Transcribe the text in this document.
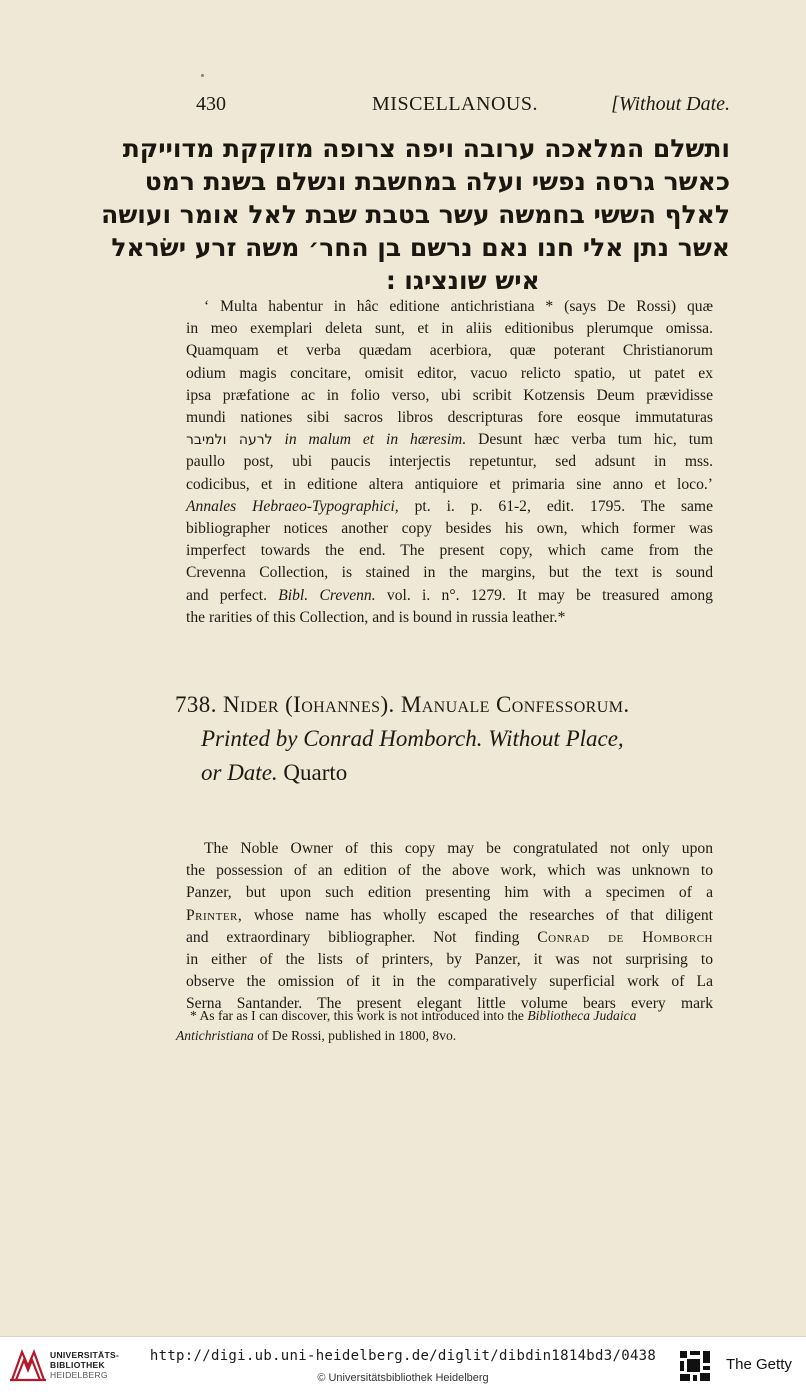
430	MISCELLANOUS.	[Without Date.
ותשלם המלאכה ערובה ויפה צרופה מזוקקת מדוייקת
כאשר גרסה נפשי ועלה במחשבת ונשלם בשנת רמט
לאלף הששי בחמשה עשר בטבת שבת לאל אומר ועושה
אשר נתן אלי חנו נאם נרשם בן החר׳ משה זרע ישׂראל
איש שונציגו ׃
‘ Multa habentur in hâc editione antichristiana * (says De Rossi) quæ
in meo exemplari deleta sunt, et in aliis editionibus plerumque omissa.
Quamquam et verba quædam acerbiora, quæ poterant Christianorum
odium magis concitare, omisit editor, vacuo relicto spatio, ut patet ex
ipsa præfatione ac in folio verso, ubi scribit Kotzensis Deum prævidisse
mundi nationes sibi sacros libros descripturas fore eosque immutaturas
לרעה ולמיבר in malum et in hæresim. Desunt hæc verba tum hic, tum
paullo post, ubi paucis interjectis repetuntur, sed adsunt in mss.
codicibus, et in editione altera antiquiore et primaria sine anno et loco.’
Annales Hebraeo-Typographici, pt. i. p. 61-2, edit. 1795. The same
bibliographer notices another copy besides his own, which former was
imperfect towards the end. The present copy, which came from the
Crevenna Collection, is stained in the margins, but the text is sound
and perfect. Bibl. Crevenn. vol. i. n°. 1279. It may be treasured among
the rarities of this Collection, and is bound in russia leather.*
738. Nider (Iohannes). Manuale Confessorum.
Printed by Conrad Homborch. Without Place,
or Date. Quarto
The Noble Owner of this copy may be congratulated not only upon
the possession of an edition of the above work, which was unknown to
Panzer, but upon such edition presenting him with a specimen of a
Printer, whose name has wholly escaped the researches of that diligent
and extraordinary bibliographer. Not finding Conrad de Homborch
in either of the lists of printers, by Panzer, it was not surprising to
observe the omission of it in the comparatively superficial work of La
Serna Santander. The present elegant little volume bears every mark
* As far as I can discover, this work is not introduced into the Bibliotheca Judaica
Antichristiana of De Rossi, published in 1800, 8vo.
UNIVERSITÄTS-
BIBLIOTHEK
HEIDELBERG
http://digi.ub.uni-heidelberg.de/diglit/dibdin1814bd3/0438
© Universitätsbibliothek Heidelberg
The Getty
